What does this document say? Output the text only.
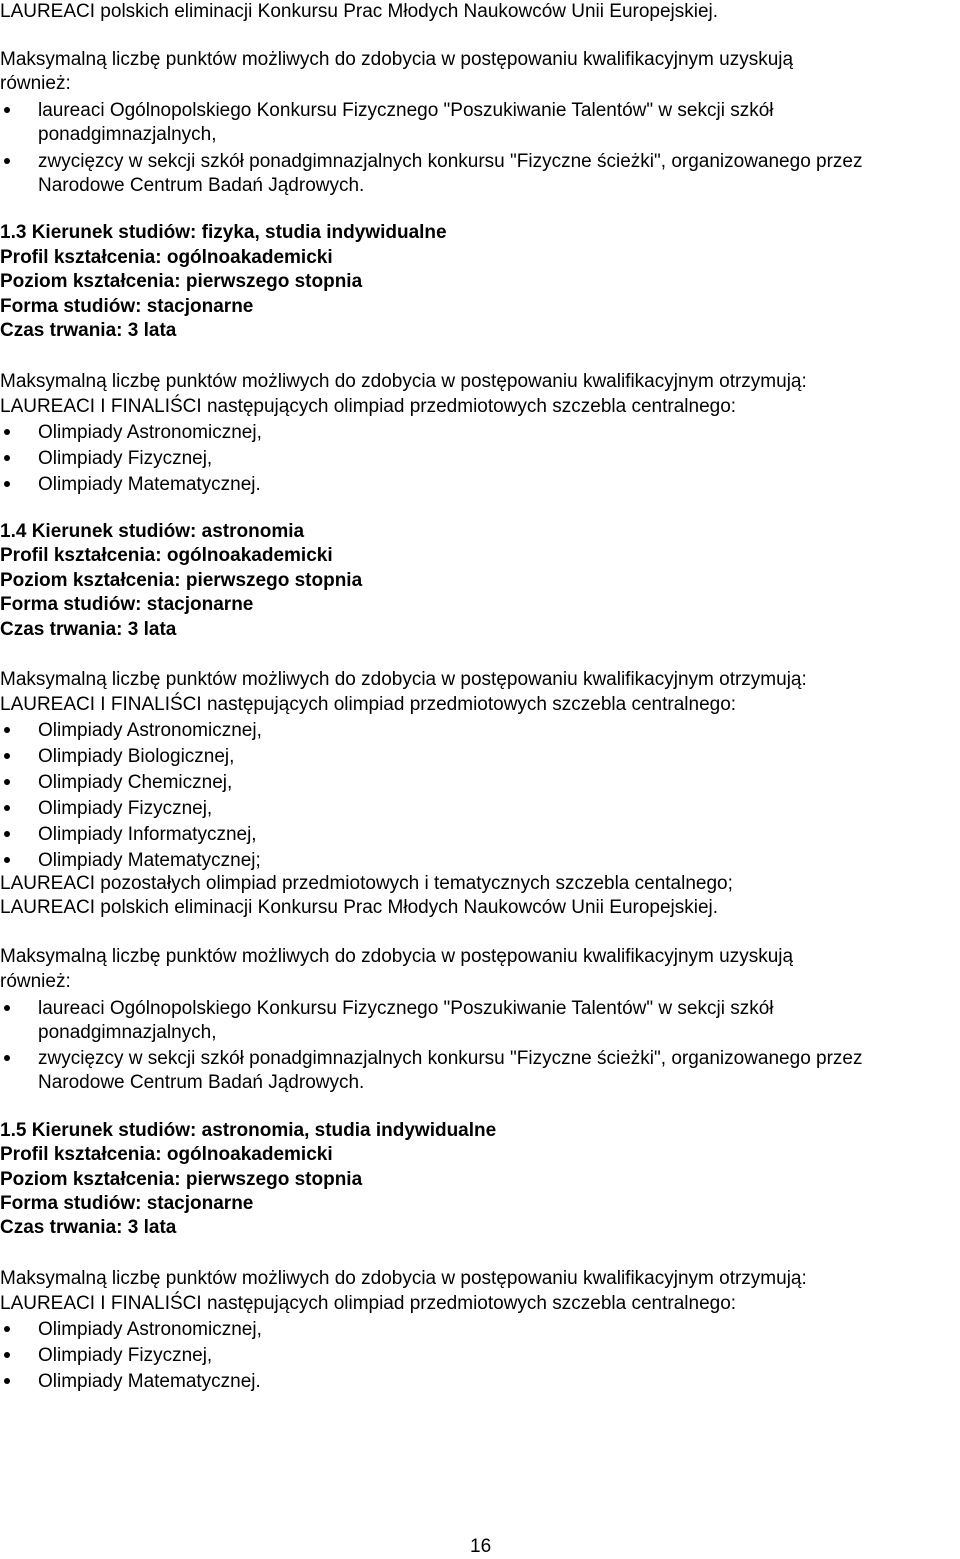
LAUREACI polskich eliminacji Konkursu Prac Młodych Naukowców Unii Europejskiej.
Maksymalną liczbę punktów możliwych do zdobycia w postępowaniu kwalifikacyjnym uzyskują
również:
laureaci Ogólnopolskiego Konkursu Fizycznego "Poszukiwanie Talentów" w sekcji szkół
ponadgimnazjalnych,
zwycięzcy w sekcji szkół ponadgimnazjalnych konkursu "Fizyczne ścieżki", organizowanego przez
Narodowe Centrum Badań Jądrowych.
1.3 Kierunek studiów: fizyka, studia indywidualne
Profil kształcenia: ogólnoakademicki
Poziom kształcenia: pierwszego stopnia
Forma studiów: stacjonarne
Czas trwania: 3 lata
Maksymalną liczbę punktów możliwych do zdobycia w postępowaniu kwalifikacyjnym otrzymują:
LAUREACI I FINALIŚCI następujących olimpiad przedmiotowych szczebla centralnego:
Olimpiady Astronomicznej,
Olimpiady Fizycznej,
Olimpiady Matematycznej.
1.4 Kierunek studiów: astronomia
Profil kształcenia: ogólnoakademicki
Poziom kształcenia: pierwszego stopnia
Forma studiów: stacjonarne
Czas trwania: 3 lata
Maksymalną liczbę punktów możliwych do zdobycia w postępowaniu kwalifikacyjnym otrzymują:
LAUREACI I FINALIŚCI następujących olimpiad przedmiotowych szczebla centralnego:
Olimpiady Astronomicznej,
Olimpiady Biologicznej,
Olimpiady Chemicznej,
Olimpiady Fizycznej,
Olimpiady Informatycznej,
Olimpiady Matematycznej;
LAUREACI pozostałych olimpiad przedmiotowych i tematycznych szczebla centalnego;
LAUREACI polskich eliminacji Konkursu Prac Młodych Naukowców Unii Europejskiej.
Maksymalną liczbę punktów możliwych do zdobycia w postępowaniu kwalifikacyjnym uzyskują
również:
laureaci Ogólnopolskiego Konkursu Fizycznego "Poszukiwanie Talentów" w sekcji szkół
ponadgimnazjalnych,
zwycięzcy w sekcji szkół ponadgimnazjalnych konkursu "Fizyczne ścieżki", organizowanego przez
Narodowe Centrum Badań Jądrowych.
1.5 Kierunek studiów: astronomia, studia indywidualne
Profil kształcenia: ogólnoakademicki
Poziom kształcenia: pierwszego stopnia
Forma studiów: stacjonarne
Czas trwania: 3 lata
Maksymalną liczbę punktów możliwych do zdobycia w postępowaniu kwalifikacyjnym otrzymują:
LAUREACI I FINALIŚCI następujących olimpiad przedmiotowych szczebla centralnego:
Olimpiady Astronomicznej,
Olimpiady Fizycznej,
Olimpiady Matematycznej.
16
